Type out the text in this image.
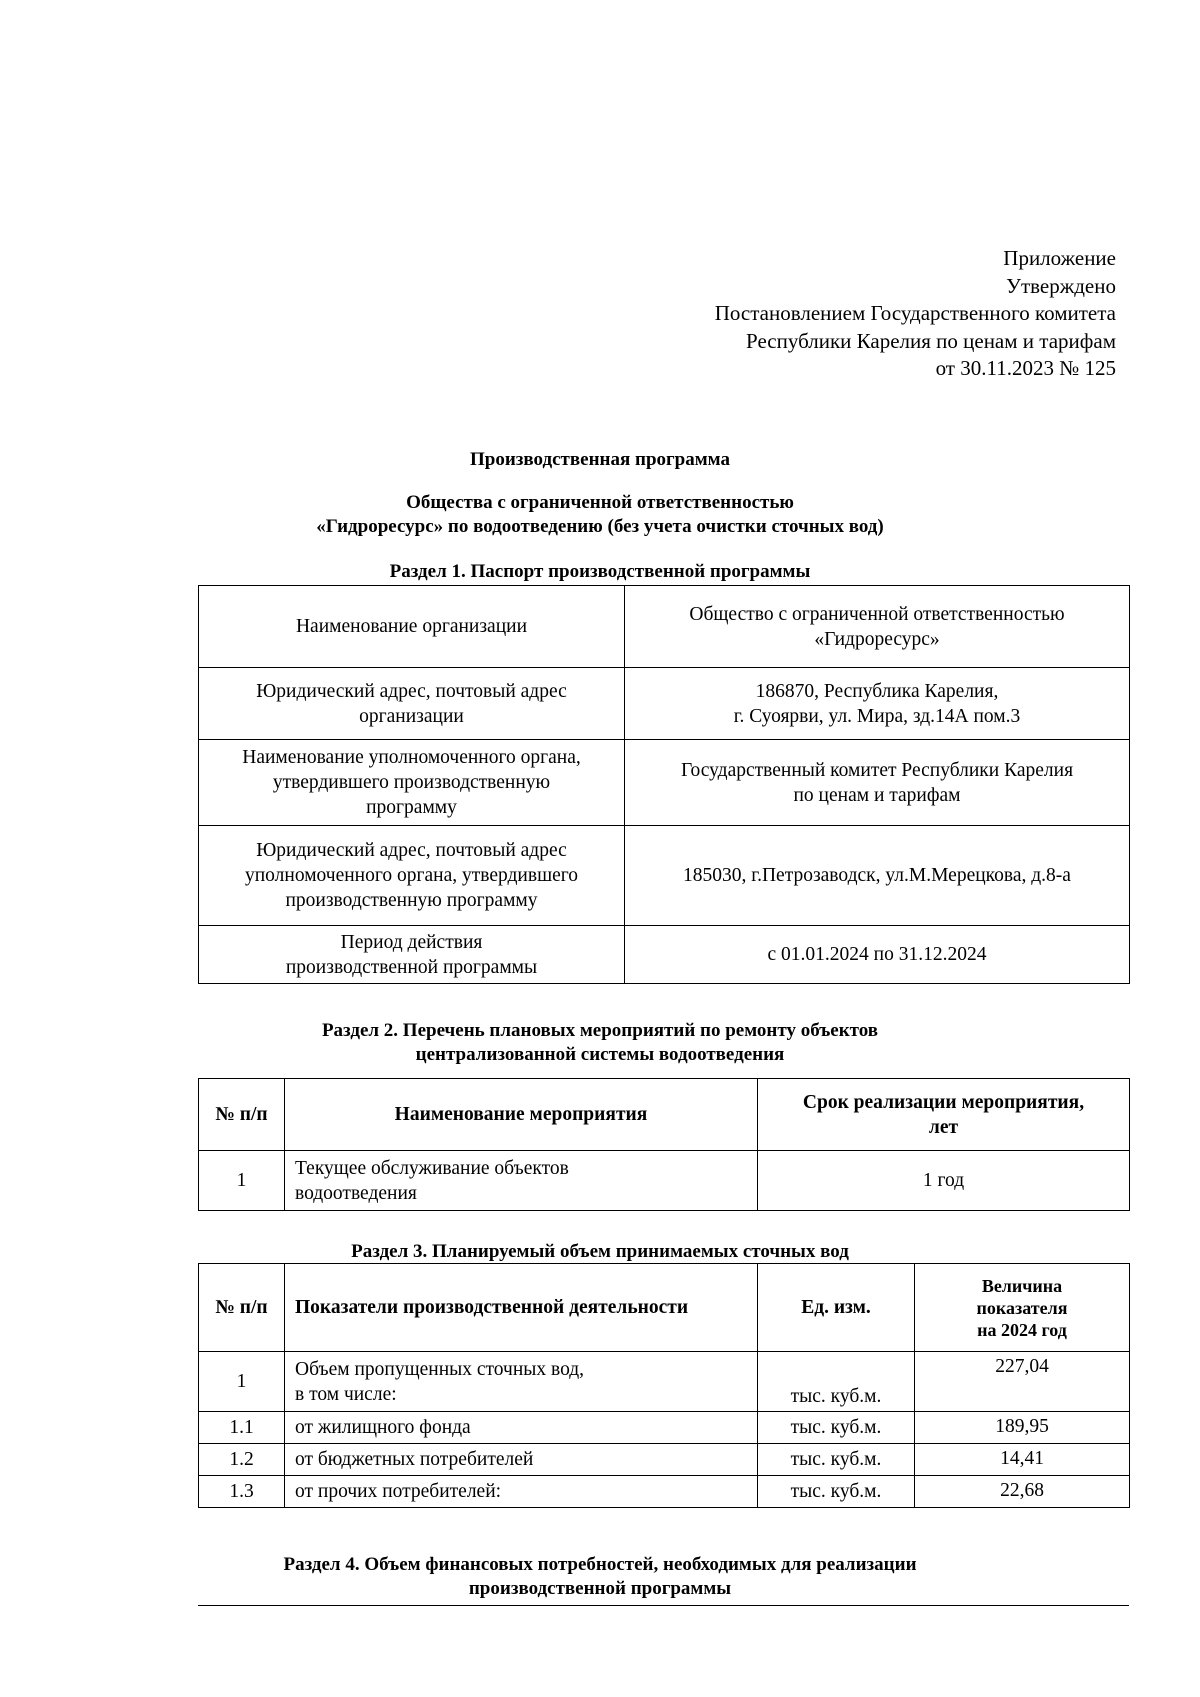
Приложение
Утверждено
Постановлением Государственного комитета
Республики Карелия по ценам и тарифам
от 30.11.2023 № 125
Производственная программа
Общества с ограниченной ответственностью
«Гидроресурс» по водоотведению (без учета очистки сточных вод)
Раздел 1. Паспорт производственной программы
Наименование организации	Общество с ограниченной ответственностью
«Гидроресурс»

Юридический адрес, почтовый адрес
организации	186870, Республика Карелия,
г. Суоярви, ул. Мира, зд.14А пом.3

Наименование уполномоченного органа,
утвердившего производственную
программу	Государственный комитет Республики Карелия
по ценам и тарифам

Юридический адрес, почтовый адрес
уполномоченного органа, утвердившего
производственную программу	185030, г.Петрозаводск, ул.М.Мерецкова, д.8-а

Период действия
производственной программы	с 01.01.2024 по 31.12.2024
Раздел 2. Перечень плановых мероприятий по ремонту объектов
централизованной системы водоотведения
№ п/п	Наименование мероприятия	Срок реализации мероприятия,
лет

1	Текущее обслуживание объектов
водоотведения	1 год
Раздел 3. Планируемый объем принимаемых сточных вод
№ п/п	Показатели производственной деятельности	Ед. изм.	Величина
показателя
на 2024 год

1	Объем пропущенных сточных вод,
в том числе:	тыс. куб.м.	227,04
1.1	от жилищного фонда	тыс. куб.м.	189,95
1.2	от бюджетных потребителей	тыс. куб.м.	14,41
1.3	от прочих потребителей:	тыс. куб.м.	22,68
Раздел 4. Объем финансовых потребностей, необходимых для реализации
производственной программы
